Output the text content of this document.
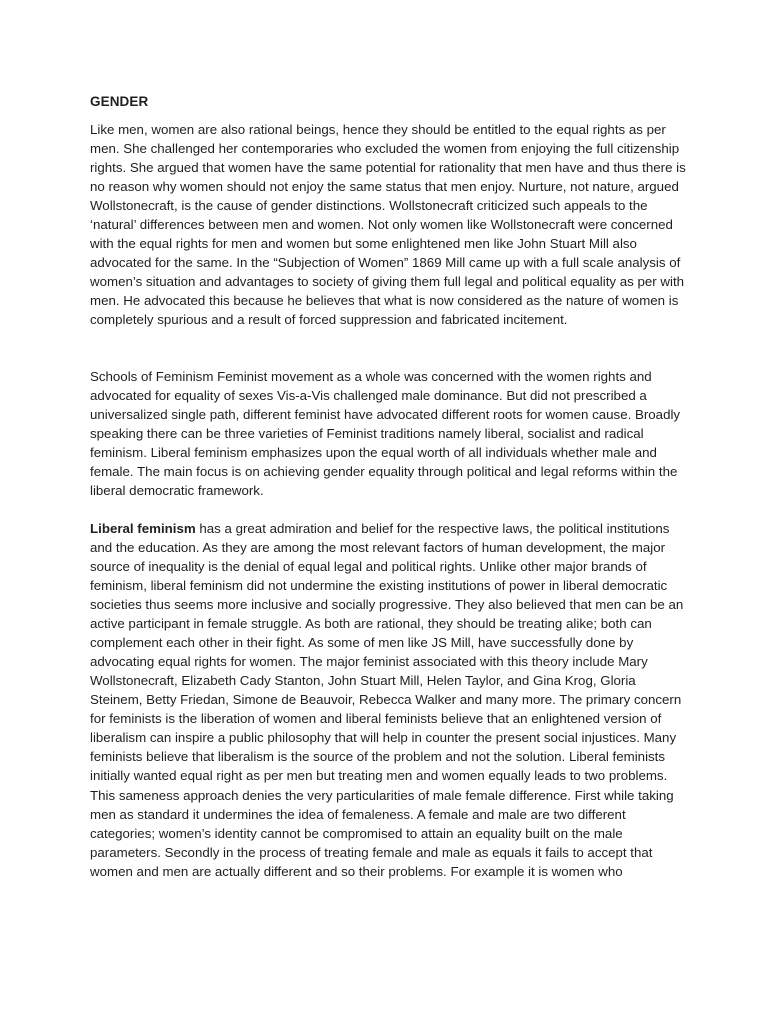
GENDER

Like men, women are also rational beings, hence they should be entitled to the equal rights as per men. She challenged her contemporaries who excluded the women from enjoying the full citizenship rights. She argued that women have the same potential for rationality that men have and thus there is no reason why women should not enjoy the same status that men enjoy. Nurture, not nature, argued Wollstonecraft, is the cause of gender distinctions. Wollstonecraft criticized such appeals to the ‘natural’ differences between men and women. Not only women like Wollstonecraft were concerned with the equal rights for men and women but some enlightened men like John Stuart Mill also advocated for the same. In the “Subjection of Women” 1869 Mill came up with a full scale analysis of women’s situation and advantages to society of giving them full legal and political equality as per with men. He advocated this because he believes that what is now considered as the nature of women is completely spurious and a result of forced suppression and fabricated incitement.

Schools of Feminism Feminist movement as a whole was concerned with the women rights and advocated for equality of sexes Vis-a-Vis challenged male dominance. But did not prescribed a universalized single path, different feminist have advocated different roots for women cause. Broadly speaking there can be three varieties of Feminist traditions namely liberal, socialist and radical feminism. Liberal feminism emphasizes upon the equal worth of all individuals whether male and female. The main focus is on achieving gender equality through political and legal reforms within the liberal democratic framework.

Liberal feminism has a great admiration and belief for the respective laws, the political institutions and the education. As they are among the most relevant factors of human development, the major source of inequality is the denial of equal legal and political rights. Unlike other major brands of feminism, liberal feminism did not undermine the existing institutions of power in liberal democratic societies thus seems more inclusive and socially progressive. They also believed that men can be an active participant in female struggle. As both are rational, they should be treating alike; both can complement each other in their fight. As some of men like JS Mill, have successfully done by advocating equal rights for women. The major feminist associated with this theory include Mary Wollstonecraft, Elizabeth Cady Stanton, John Stuart Mill, Helen Taylor, and Gina Krog, Gloria Steinem, Betty Friedan, Simone de Beauvoir, Rebecca Walker and many more. The primary concern for feminists is the liberation of women and liberal feminists believe that an enlightened version of liberalism can inspire a public philosophy that will help in counter the present social injustices. Many feminists believe that liberalism is the source of the problem and not the solution. Liberal feminists initially wanted equal right as per men but treating men and women equally leads to two problems. This sameness approach denies the very particularities of male female difference. First while taking men as standard it undermines the idea of femaleness. A female and male are two different categories; women’s identity cannot be compromised to attain an equality built on the male parameters. Secondly in the process of treating female and male as equals it fails to accept that women and men are actually different and so their problems. For example it is women who
